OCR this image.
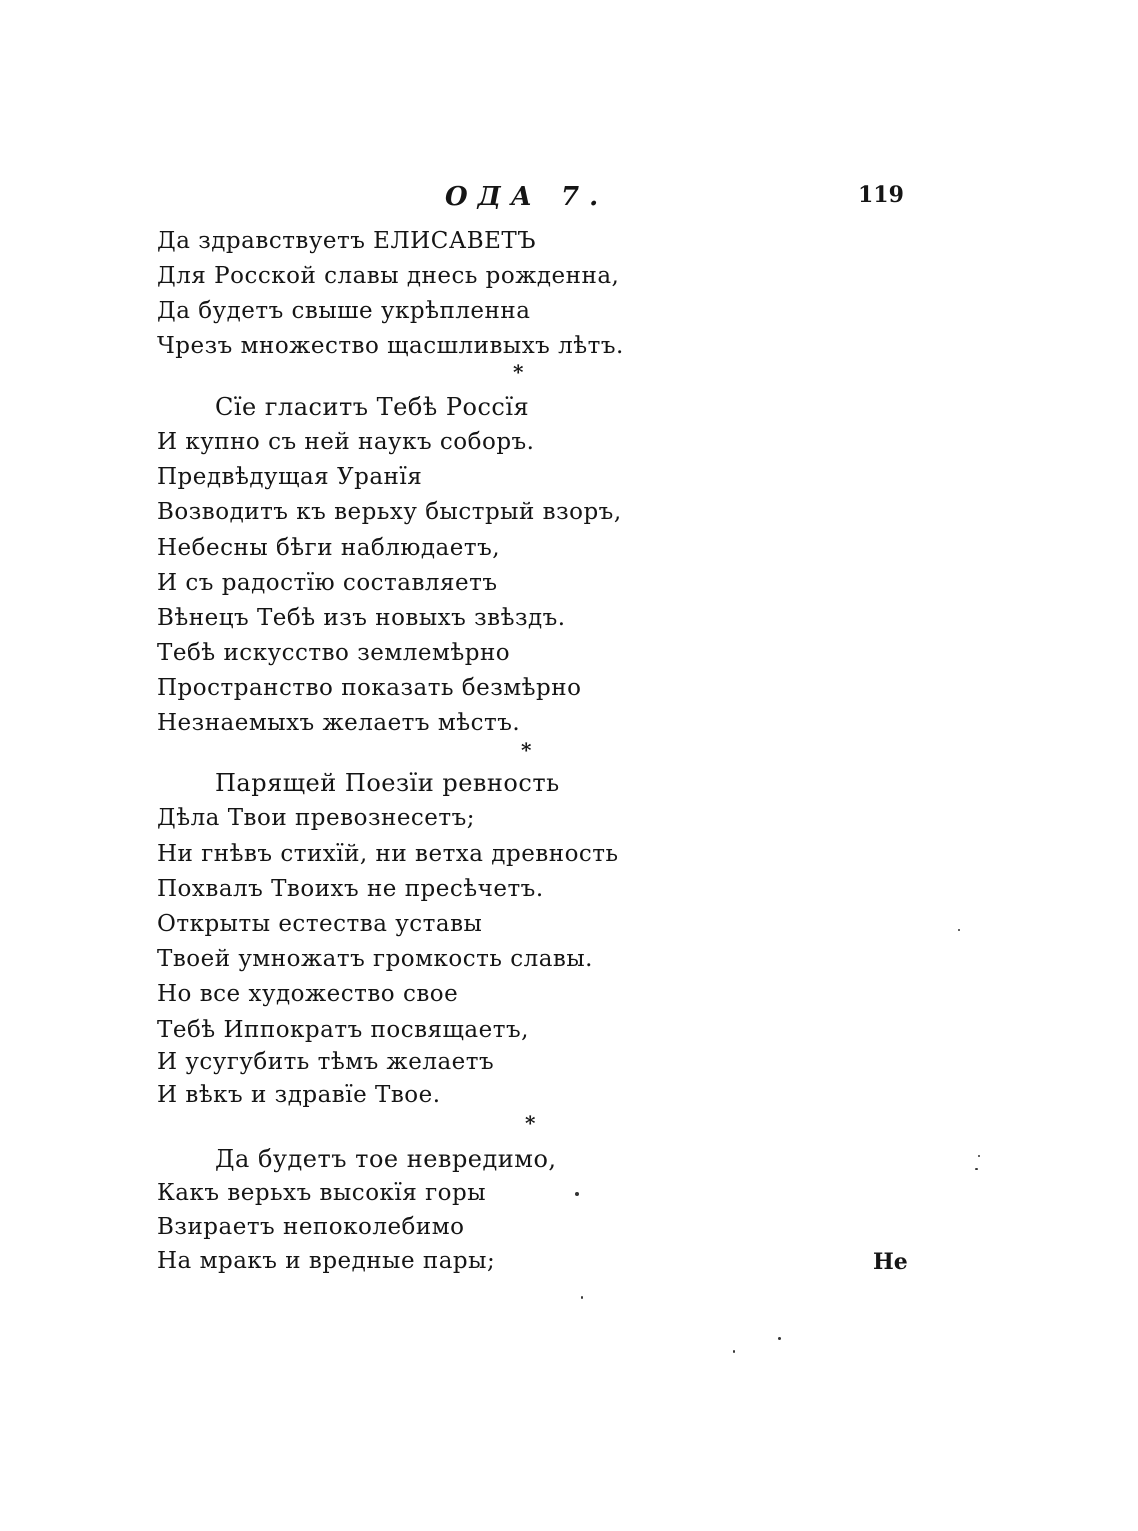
ОДА 7.	119
Да здравствуетъ ЕЛИСАВЕТЪ
Для Росской славы днесь рожденна,
Да будетъ свыше укрѣпленна
Чрезъ множество щасшливыхъ лѣтъ.
*
Сїе гласитъ Тебѣ Россїя
И купно съ ней наукъ соборъ.
Предвѣдущая Уранїя
Возводитъ къ верьху быстрый взоръ,
Небесны бѣги наблюдаетъ,
И съ радостїю составляетъ
Вѣнецъ Тебѣ изъ новыхъ звѣздъ.
Тебѣ искусство землемѣрно
Пространство показать безмѣрно
Незнаемыхъ желаетъ мѣстъ.
*
Парящей Поезїи ревность
Дѣла Твои превознесетъ;
Ни гнѣвъ стихїй, ни ветха древность
Похвалъ Твоихъ не пресѣчетъ.
Открыты естества уставы
Твоей умножатъ громкость славы.
Но все художество свое
Тебѣ Иппократъ посвящаетъ,
И усугубить тѣмъ желаетъ
И вѣкъ и здравїе Твое.
*
Да будетъ тое невредимо,
Какъ верьхъ высокїя горы
Взираетъ непоколебимо
На мракъ и вредные пары;	Не
